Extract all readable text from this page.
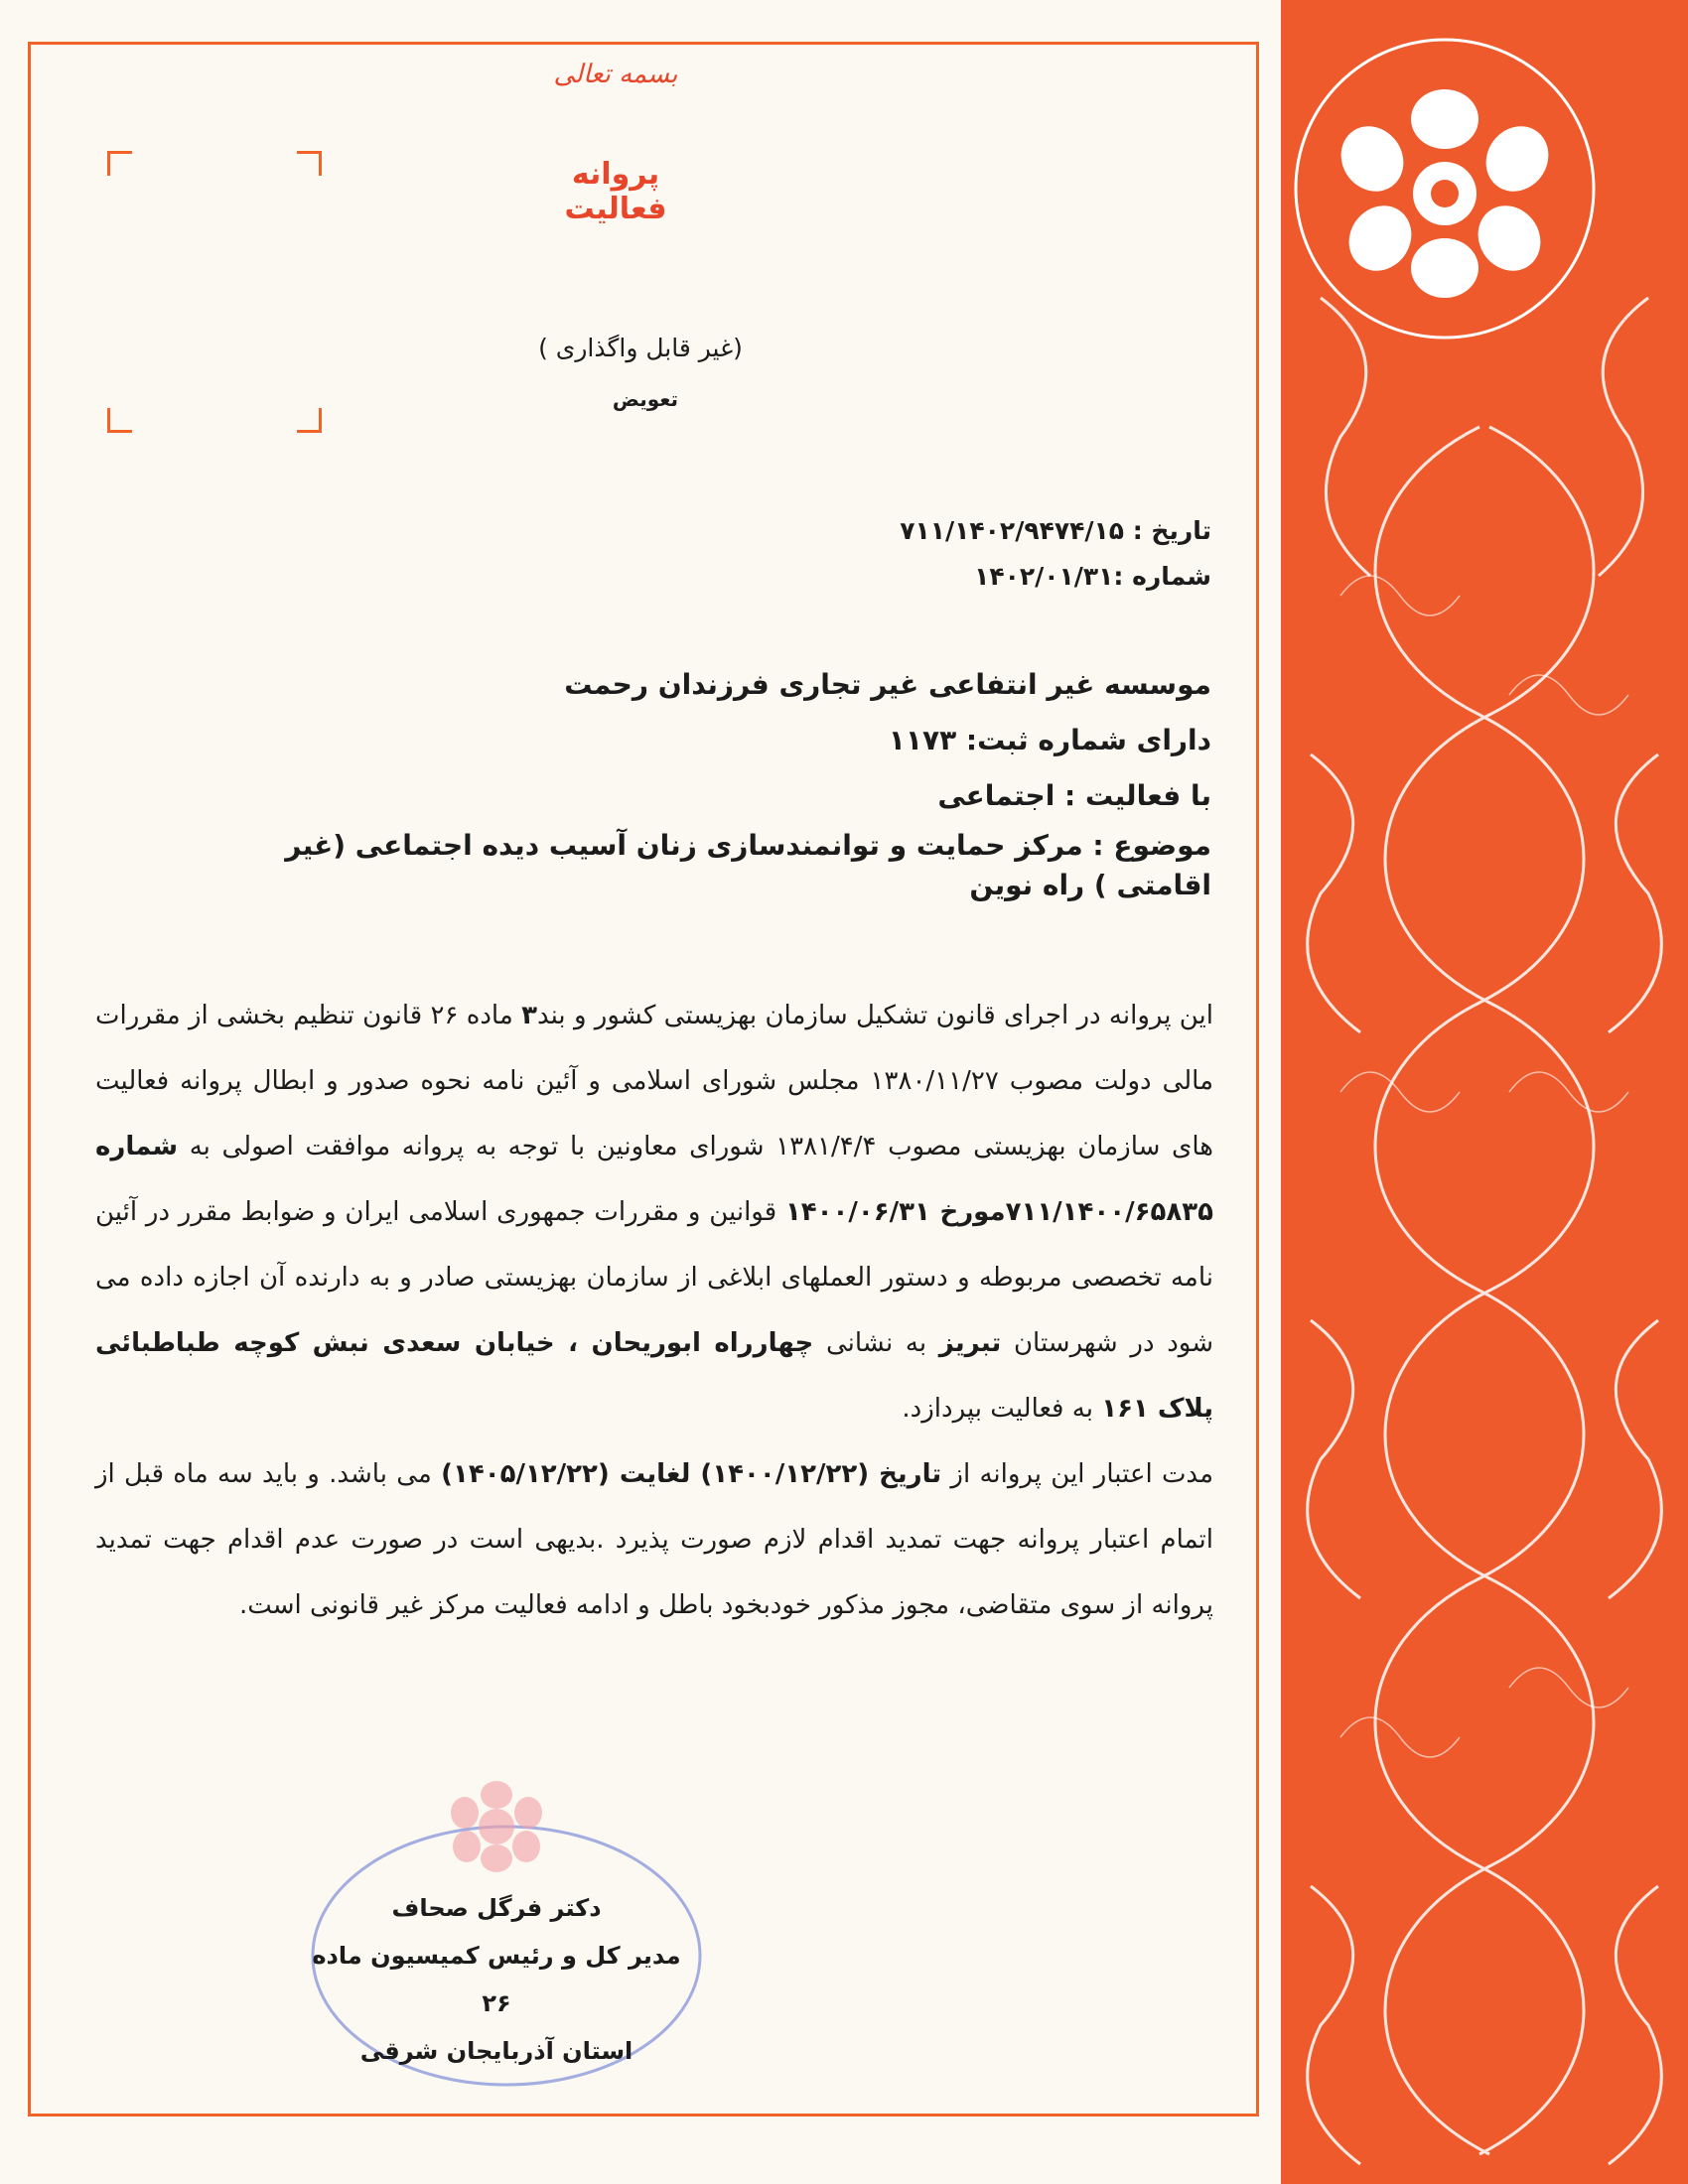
بسمه تعالی
پروانه فعالیت
(غیر قابل واگذاری )
تعویض
تاریخ : ۷۱۱/۱۴۰۲/۹۴۷۴/۱۵
شماره :۱۴۰۲/۰۱/۳۱
موسسه غیر انتفاعی غیر تجاری فرزندان رحمت
دارای شماره ثبت: ۱۱۷۳
با فعالیت : اجتماعی
موضوع : مرکز حمایت و توانمندسازی زنان آسیب دیده اجتماعی (غیر اقامتی ) راه نوین

این پروانه در اجرای قانون تشکیل سازمان بهزیستی کشور و بند۳ ماده ۲۶ قانون تنظیم بخشی از مقررات مالی دولت مصوب ۱۳۸۰/۱۱/۲۷ مجلس شورای اسلامی و آئین نامه نحوه صدور و ابطال پروانه فعالیت های سازمان بهزیستی مصوب ۱۳۸۱/۴/۴ شورای معاونین با توجه به پروانه موافقت اصولی به شماره ۷۱۱/۱۴۰۰/۶۵۸۳۵مورخ ۱۴۰۰/۰۶/۳۱ قوانین و مقررات جمهوری اسلامی ایران و ضوابط مقرر در آئین نامه تخصصی مربوطه و دستور العملهای ابلاغی از سازمان بهزیستی صادر و به دارنده آن اجازه داده می شود در شهرستان تبریز به نشانی چهارراه ابوریحان ، خیابان سعدی نبش کوچه طباطبائی پلاک ۱۶۱ به فعالیت بپردازد.

مدت اعتبار این پروانه از تاریخ (۱۴۰۰/۱۲/۲۲) لغایت (۱۴۰۵/۱۲/۲۲) می باشد. و باید سه ماه قبل از اتمام اعتبار پروانه جهت تمدید اقدام لازم صورت پذیرد .بدیهی است در صورت عدم اقدام جهت تمدید پروانه از سوی متقاضی، مجوز مذکور خودبخود باطل و ادامه فعالیت مرکز غیر قانونی است.

دکتر فرگل صحاف
مدیر کل و رئیس کمیسیون ماده ۲۶
استان آذربایجان شرقی
